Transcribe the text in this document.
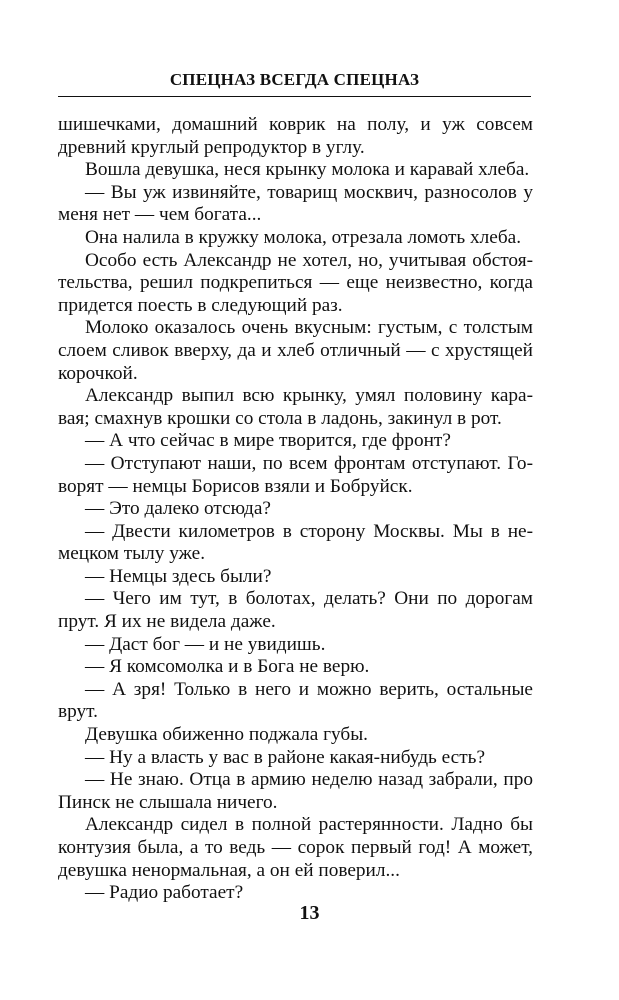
СПЕЦНАЗ ВСЕГДА СПЕЦНАЗ
шишечками, домашний коврик на полу, и уж совсем
древний круглый репродуктор в углу.
Вошла девушка, неся крынку молока и каравай хлеба.
— Вы уж извиняйте, товарищ москвич, разносолов у
меня нет — чем богата...
Она налила в кружку молока, отрезала ломоть хлеба.
Особо есть Александр не хотел, но, учитывая обстоя-
тельства, решил подкрепиться — еще неизвестно, когда
придется поесть в следующий раз.
Молоко оказалось очень вкусным: густым, с толстым
слоем сливок вверху, да и хлеб отличный — с хрустящей
корочкой.
Александр выпил всю крынку, умял половину кара-
вая; смахнув крошки со стола в ладонь, закинул в рот.
— А что сейчас в мире творится, где фронт?
— Отступают наши, по всем фронтам отступают. Го-
ворят — немцы Борисов взяли и Бобруйск.
— Это далеко отсюда?
— Двести километров в сторону Москвы. Мы в не-
мецком тылу уже.
— Немцы здесь были?
— Чего им тут, в болотах, делать? Они по дорогам
прут. Я их не видела даже.
— Даст бог — и не увидишь.
— Я комсомолка и в Бога не верю.
— А зря! Только в него и можно верить, остальные
врут.
Девушка обиженно поджала губы.
— Ну а власть у вас в районе какая-нибудь есть?
— Не знаю. Отца в армию неделю назад забрали, про
Пинск не слышала ничего.
Александр сидел в полной растерянности. Ладно бы
контузия была, а то ведь — сорок первый год! А может,
девушка ненормальная, а он ей поверил...
— Радио работает?
13
